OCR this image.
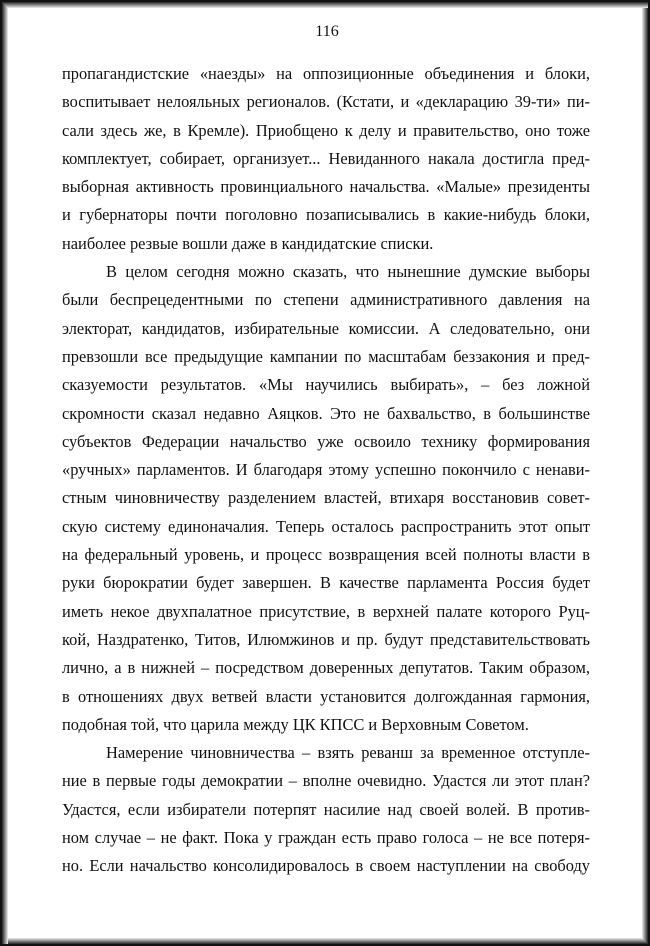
116
пропагандистские «наезды» на оппозиционные объединения и блоки,
воспитывает нелояльных регионалов. (Кстати, и «декларацию 39-ти» пи-
сали здесь же, в Кремле). Приобщено к делу и правительство, оно тоже
комплектует, собирает, организует... Невиданного накала достигла пред-
выборная активность провинциального начальства. «Малые» президенты
и губернаторы почти поголовно позаписывались в какие-нибудь блоки,
наиболее резвые вошли даже в кандидатские списки.
В целом сегодня можно сказать, что нынешние думские выборы
были беспрецедентными по степени административного давления на
электорат, кандидатов, избирательные комиссии. А следовательно, они
превзошли все предыдущие кампании по масштабам беззакония и пред-
сказуемости результатов. «Мы научились выбирать», – без ложной
скромности сказал недавно Аяцков. Это не бахвальство, в большинстве
субъектов Федерации начальство уже освоило технику формирования
«ручных» парламентов. И благодаря этому успешно покончило с ненави-
стным чиновничеству разделением властей, втихаря восстановив совет-
скую систему единоначалия. Теперь осталось распространить этот опыт
на федеральный уровень, и процесс возвращения всей полноты власти в
руки бюрократии будет завершен. В качестве парламента Россия будет
иметь некое двухпалатное присутствие, в верхней палате которого Руц-
кой, Наздратенко, Титов, Илюмжинов и пр. будут представительствовать
лично, а в нижней – посредством доверенных депутатов. Таким образом,
в отношениях двух ветвей власти установится долгожданная гармония,
подобная той, что царила между ЦК КПСС и Верховным Советом.
Намерение чиновничества – взять реванш за временное отступле-
ние в первые годы демократии – вполне очевидно. Удастся ли этот план?
Удастся, если избиратели потерпят насилие над своей волей. В против-
ном случае – не факт. Пока у граждан есть право голоса – не все потеря-
но. Если начальство консолидировалось в своем наступлении на свободу
